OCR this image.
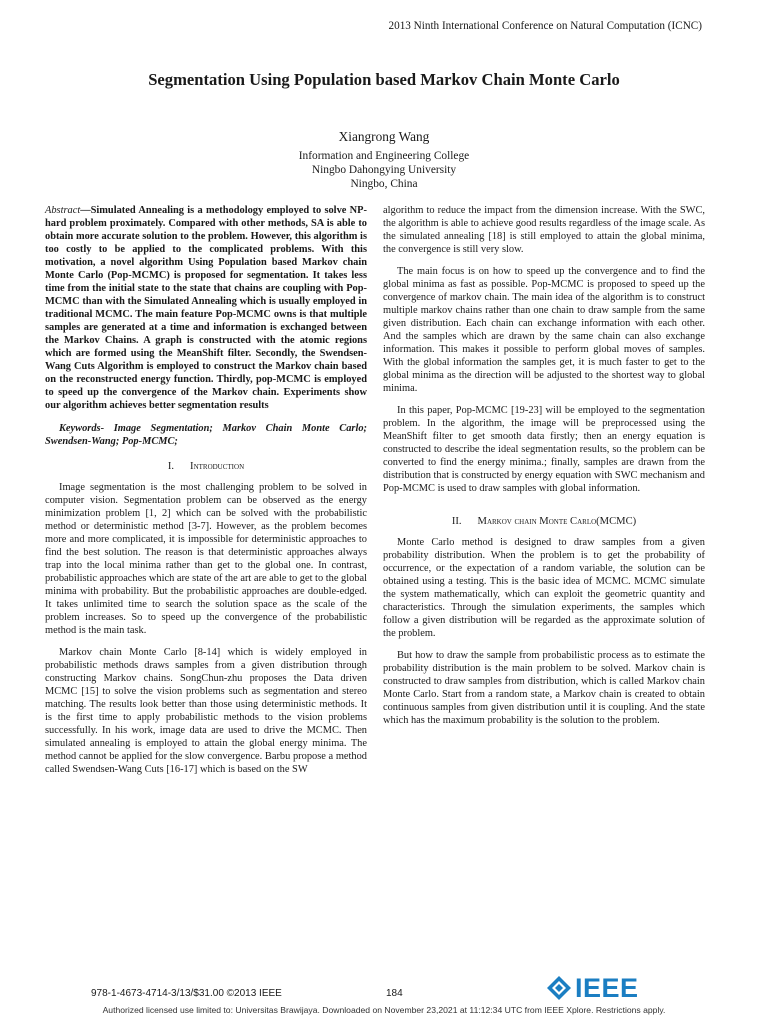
2013 Ninth International Conference on Natural Computation (ICNC)
Segmentation Using Population based Markov Chain Monte Carlo
Xiangrong Wang
Information and Engineering College
Ningbo Dahongying University
Ningbo, China

Abstract—Simulated Annealing is a methodology employed to solve NP-hard problem proximately. Compared with other methods, SA is able to obtain more accurate solution to the problem. However, this algorithm is too costly to be applied to the complicated problems. With this motivation, a novel algorithm Using Population based Markov chain Monte Carlo (Pop-MCMC) is proposed for segmentation. It takes less time from the initial state to the state that chains are coupling with Pop-MCMC than with the Simulated Annealing which is usually employed in traditional MCMC. The main feature Pop-MCMC owns is that multiple samples are generated at a time and information is exchanged between the Markov Chains. A graph is constructed with the atomic regions which are formed using the MeanShift filter. Secondly, the Swendsen-Wang Cuts Algorithm is employed to construct the Markov chain based on the reconstructed energy function. Thirdly, pop-MCMC is employed to speed up the convergence of the Markov chain. Experiments show our algorithm achieves better segmentation results

Keywords- Image Segmentation; Markov Chain Monte Carlo; Swendsen-Wang; Pop-MCMC;

I. Introduction

Image segmentation is the most challenging problem to be solved in computer vision. Segmentation problem can be observed as the energy minimization problem [1, 2] which can be solved with the probabilistic method or deterministic method [3-7]. However, as the problem becomes more and more complicated, it is impossible for deterministic approaches to find the best solution. The reason is that deterministic approaches always trap into the local minima rather than get to the global one. In contrast, probabilistic approaches which are state of the art are able to get to the global minima with probability. But the probabilistic approaches are double-edged. It takes unlimited time to search the solution space as the scale of the problem increases. So to speed up the convergence of the probabilistic method is the main task.

Markov chain Monte Carlo [8-14] which is widely employed in probabilistic methods draws samples from a given distribution through constructing Markov chains. SongChun-zhu proposes the Data driven MCMC [15] to solve the vision problems such as segmentation and stereo matching. The results look better than those using deterministic methods. It is the first time to apply probabilistic methods to the vision problems successfully. In his work, image data are used to drive the MCMC. Then simulated annealing is employed to attain the global energy minima. The method cannot be applied for the slow convergence. Barbu propose a method called Swendsen-Wang Cuts [16-17] which is based on the SW

algorithm to reduce the impact from the dimension increase. With the SWC, the algorithm is able to achieve good results regardless of the image scale. As the simulated annealing [18] is still employed to attain the global minima, the convergence is still very slow.

The main focus is on how to speed up the convergence and to find the global minima as fast as possible. Pop-MCMC is proposed to speed up the convergence of markov chain. The main idea of the algorithm is to construct multiple markov chains rather than one chain to draw sample from the same given distribution. Each chain can exchange information with each other. And the samples which are drawn by the same chain can also exchange information. This makes it possible to perform global moves of samples. With the global information the samples get, it is much faster to get to the global minima as the direction will be adjusted to the shortest way to global minima.

In this paper, Pop-MCMC [19-23] will be employed to the segmentation problem. In the algorithm, the image will be preprocessed using the MeanShift filter to get smooth data firstly; then an energy equation is constructed to describe the ideal segmentation results, so the problem can be converted to find the energy minima.; finally, samples are drawn from the distribution that is constructed by energy equation with SWC mechanism and Pop-MCMC is used to draw samples with global information.

II. Markov chain Monte Carlo(MCMC)

Monte Carlo method is designed to draw samples from a given probability distribution. When the problem is to get the probability of occurrence, or the expectation of a random variable, the solution can be obtained using a testing. This is the basic idea of MCMC. MCMC simulate the system mathematically, which can exploit the geometric quantity and characteristics. Through the simulation experiments, the samples which follow a given distribution will be regarded as the approximate solution of the problem.

But how to draw the sample from probabilistic process as to estimate the probability distribution is the main problem to be solved. Markov chain is constructed to draw samples from distribution, which is called Markov chain Monte Carlo. Start from a random state, a Markov chain is created to obtain continuous samples from given distribution until it is coupling. And the state which has the maximum probability is the solution to the problem.

978-1-4673-4714-3/13/$31.00 ©2013 IEEE	184	IEEE
Authorized licensed use limited to: Universitas Brawijaya. Downloaded on November 23,2021 at 11:12:34 UTC from IEEE Xplore. Restrictions apply.
